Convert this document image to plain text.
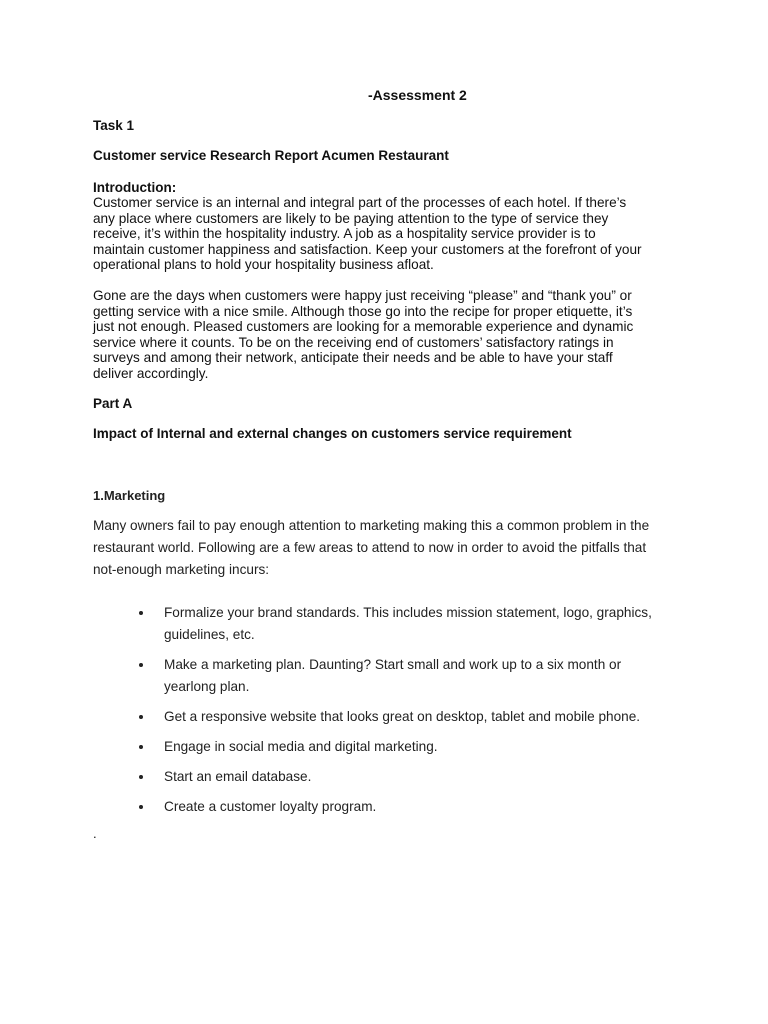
-Assessment 2

Task 1

Customer service Research Report Acumen Restaurant

Introduction:

Customer service is an internal and integral part of the processes of each hotel. If there’s
any place where customers are likely to be paying attention to the type of service they
receive, it’s within the hospitality industry. A job as a hospitality service provider is to
maintain customer happiness and satisfaction. Keep your customers at the forefront of your
operational plans to hold your hospitality business afloat.
Gone are the days when customers were happy just receiving “please” and “thank you” or
getting service with a nice smile. Although those go into the recipe for proper etiquette, it’s
just not enough. Pleased customers are looking for a memorable experience and dynamic
service where it counts. To be on the receiving end of customers’ satisfactory ratings in
surveys and among their network, anticipate their needs and be able to have your staff
deliver accordingly.

Part A

Impact of Internal and external changes on customers service requirement

1.Marketing

Many owners fail to pay enough attention to marketing making this a common problem in the
restaurant world. Following are a few areas to attend to now in order to avoid the pitfalls that
not-enough marketing incurs:
Formalize your brand standards. This includes mission statement, logo, graphics,
guidelines, etc.
Make a marketing plan. Daunting? Start small and work up to a six month or
yearlong plan.
Get a responsive website that looks great on desktop, tablet and mobile phone.
Engage in social media and digital marketing.
Start an email database.
Create a customer loyalty program.

.
